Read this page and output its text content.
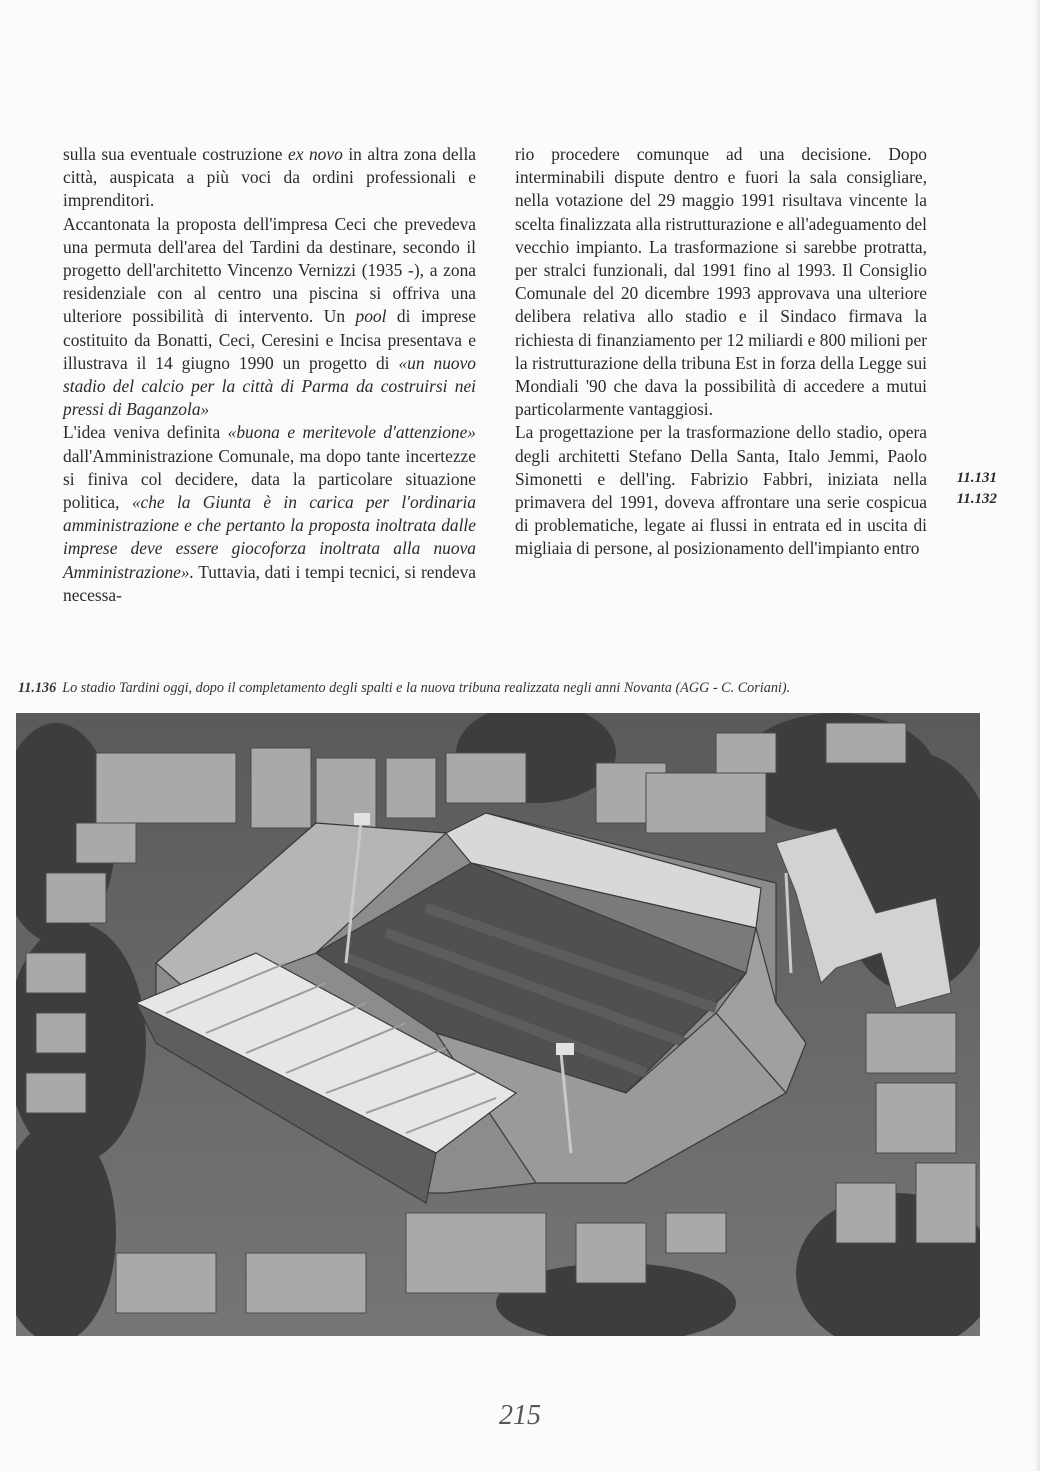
sulla sua eventuale costruzione ex novo in altra zona della città, auspicata a più voci da ordini professionali e imprenditori.

Accantonata la proposta dell'impresa Ceci che prevedeva una permuta dell'area del Tardini da destinare, secondo il progetto dell'architetto Vincenzo Vernizzi (1935 -), a zona residenziale con al centro una piscina si offriva una ulteriore possibilità di intervento. Un pool di imprese costituito da Bonatti, Ceci, Ceresini e Incisa presentava e illustrava il 14 giugno 1990 un progetto di «un nuovo stadio del calcio per la città di Parma da costruirsi nei pressi di Baganzola»

L'idea veniva definita «buona e meritevole d'attenzione» dall'Amministrazione Comunale, ma dopo tante incertezze si finiva col decidere, data la particolare situazione politica, «che la Giunta è in carica per l'ordinaria amministrazione e che pertanto la proposta inoltrata dalle imprese deve essere giocoforza inoltrata alla nuova Amministrazione». Tuttavia, dati i tempi tecnici, si rendeva necessa-

rio procedere comunque ad una decisione. Dopo interminabili dispute dentro e fuori la sala consigliare, nella votazione del 29 maggio 1991 risultava vincente la scelta finalizzata alla ristrutturazione e all'adeguamento del vecchio impianto. La trasformazione si sarebbe protratta, per stralci funzionali, dal 1991 fino al 1993. Il Consiglio Comunale del 20 dicembre 1993 approvava una ulteriore delibera relativa allo stadio e il Sindaco firmava la richiesta di finanziamento per 12 miliardi e 800 milioni per la ristrutturazione della tribuna Est in forza della Legge sui Mondiali '90 che dava la possibilità di accedere a mutui particolarmente vantaggiosi.

La progettazione per la trasformazione dello stadio, opera degli architetti Stefano Della Santa, Italo Jemmi, Paolo Simonetti e dell'ing. Fabrizio Fabbri, iniziata nella primavera del 1991, doveva affrontare una serie cospicua di problematiche, legate ai flussi in entrata ed in uscita di migliaia di persone, al posizionamento dell'impianto entro

11.131
11.132
11.136 Lo stadio Tardini oggi, dopo il completamento degli spalti e la nuova tribuna realizzata negli anni Novanta (AGG - C. Coriani).
215
